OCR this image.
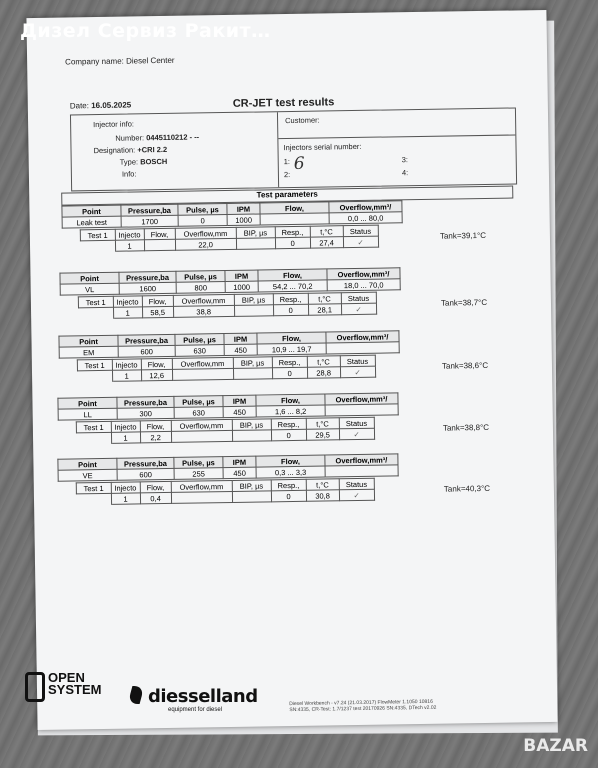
Дизел Сервиз Ракит…
Company name: Diesel Center
Date: 16.05.2025	CR-JET test results
Injector info:
Number: 0445110212 - --
Designation: +CRI 2.2
Type: BOSCH
Info:
Customer:
Injectors serial number:
1:
2:
3:
4:
6
Test parameters
Point	Pressure,ba	Pulse, µs	IPM	Flow,	Overflow,mm³/
Leak test	1700	0	1000		0,0 ... 80,0
Test 1	Injecto	Flow,	Overflow,mm	BIP, µs	Resp.,	t,°C	Status
	1		22,0		0	27,4	✓
Tank=39,1°C
Point	Pressure,ba	Pulse, µs	IPM	Flow,	Overflow,mm³/
VL	1600	800	1000	54,2 ... 70,2	18,0 ... 70,0
Test 1	Injecto	Flow,	Overflow,mm	BIP, µs	Resp.,	t,°C	Status
	1	58,5	38,8		0	28,1	✓
Tank=38,7°C
Point	Pressure,ba	Pulse, µs	IPM	Flow,	Overflow,mm³/
EM	600	630	450	10,9 ... 19,7	
Test 1	Injecto	Flow,	Overflow,mm	BIP, µs	Resp.,	t,°C	Status
	1	12,6			0	28,8	✓
Tank=38,6°C
Point	Pressure,ba	Pulse, µs	IPM	Flow,	Overflow,mm³/
LL	300	630	450	1,6 ... 8,2	
Test 1	Injecto	Flow,	Overflow,mm	BIP, µs	Resp.,	t,°C	Status
	1	2,2			0	29,5	✓
Tank=38,8°C
Point	Pressure,ba	Pulse, µs	IPM	Flow,	Overflow,mm³/
VE	600	255	450	0,3 ... 3,3	
Test 1	Injecto	Flow,	Overflow,mm	BIP, µs	Resp.,	t,°C	Status
	1	0,4			0	30,8	✓
Tank=40,3°C
Diesel Workbench - v7.24 (21.03.2017) FlowMeter 1.1050 10816 SN:4335, CR-Test: 1.7/1237 test 20170926 SN:4335, DTech v2.02
OPEN
SYSTEM	diesselland
equipment for diesel
BAZAR
